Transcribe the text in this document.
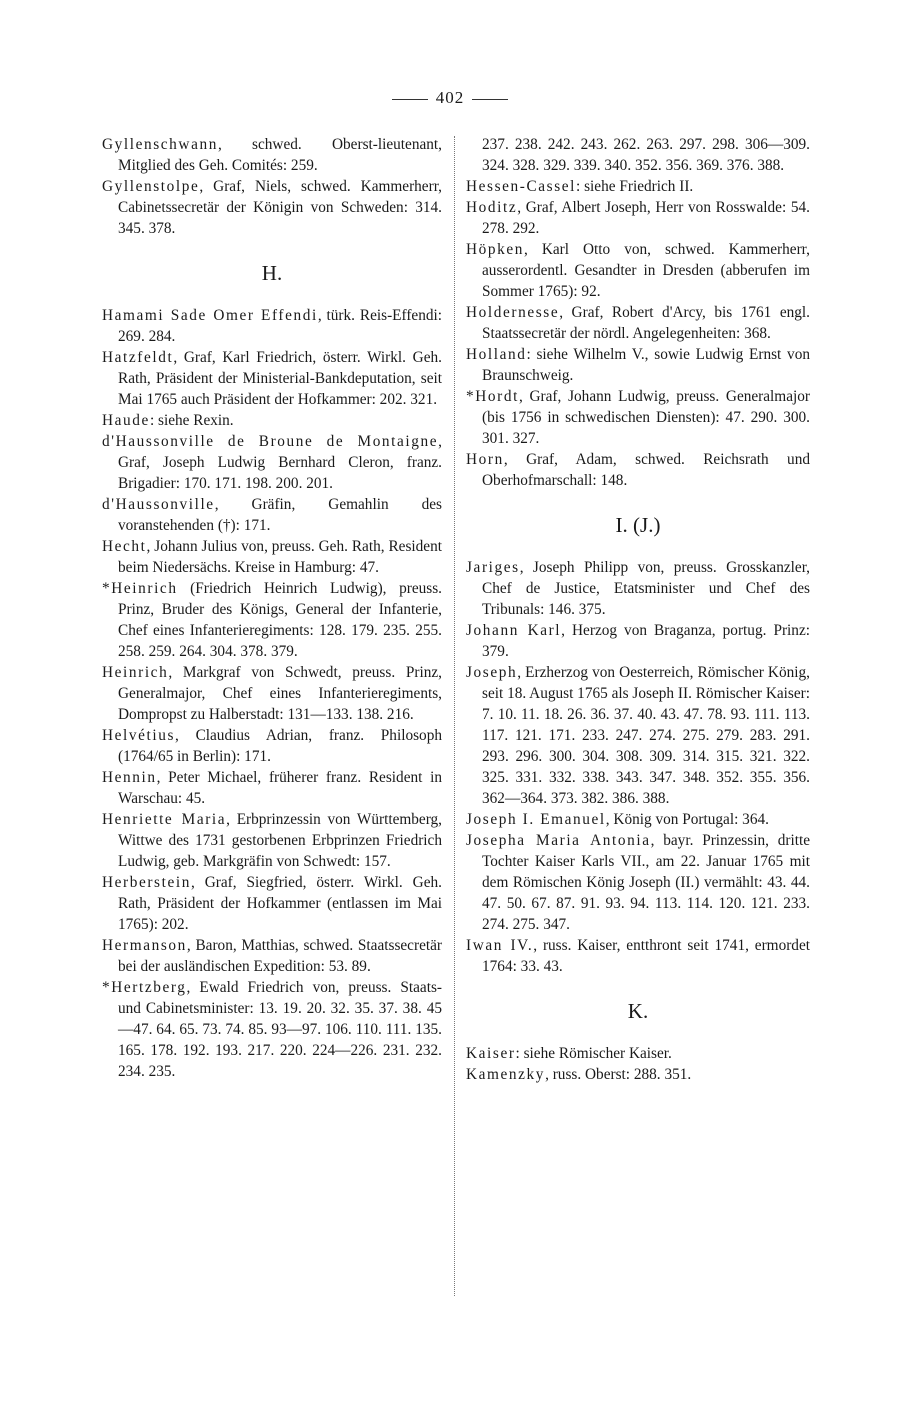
402

Gyllenschwann, schwed. Oberst-lieutenant, Mitglied des Geh. Comités: 259.

Gyllenstolpe, Graf, Niels, schwed. Kammerherr, Cabinetssecretär der Königin von Schweden: 314. 345. 378.

H.

Hamami Sade Omer Effendi, türk. Reis-Effendi: 269. 284.

Hatzfeldt, Graf, Karl Friedrich, österr. Wirkl. Geh. Rath, Präsident der Ministerial-Bankdeputation, seit Mai 1765 auch Präsident der Hofkammer: 202. 321.

Haude: siehe Rexin.

d'Haussonville de Broune de Montaigne, Graf, Joseph Ludwig Bernhard Cleron, franz. Brigadier: 170. 171. 198. 200. 201.

d'Haussonville, Gräfin, Gemahlin des voranstehenden (†): 171.

Hecht, Johann Julius von, preuss. Geh. Rath, Resident beim Niedersächs. Kreise in Hamburg: 47.

*Heinrich (Friedrich Heinrich Ludwig), preuss. Prinz, Bruder des Königs, General der Infanterie, Chef eines Infanterieregiments: 128. 179. 235. 255. 258. 259. 264. 304. 378. 379.

Heinrich, Markgraf von Schwedt, preuss. Prinz, Generalmajor, Chef eines Infanterieregiments, Dompropst zu Halberstadt: 131—133. 138. 216.

Helvétius, Claudius Adrian, franz. Philosoph (1764/65 in Berlin): 171.

Hennin, Peter Michael, früherer franz. Resident in Warschau: 45.

Henriette Maria, Erbprinzessin von Württemberg, Wittwe des 1731 gestorbenen Erbprinzen Friedrich Ludwig, geb. Markgräfin von Schwedt: 157.

Herberstein, Graf, Siegfried, österr. Wirkl. Geh. Rath, Präsident der Hofkammer (entlassen im Mai 1765): 202.

Hermanson, Baron, Matthias, schwed. Staatssecretär bei der ausländischen Expedition: 53. 89.

*Hertzberg, Ewald Friedrich von, preuss. Staats- und Cabinetsminister: 13. 19. 20. 32. 35. 37. 38. 45—47. 64. 65. 73. 74. 85. 93—97. 106. 110. 111. 135. 165. 178. 192. 193. 217. 220. 224—226. 231. 232. 234. 235.

237. 238. 242. 243. 262. 263. 297. 298. 306—309. 324. 328. 329. 339. 340. 352. 356. 369. 376. 388.

Hessen-Cassel: siehe Friedrich II.

Hoditz, Graf, Albert Joseph, Herr von Rosswalde: 54. 278. 292.

Höpken, Karl Otto von, schwed. Kammerherr, ausserordentl. Gesandter in Dresden (abberufen im Sommer 1765): 92.

Holdernesse, Graf, Robert d'Arcy, bis 1761 engl. Staatssecretär der nördl. Angelegenheiten: 368.

Holland: siehe Wilhelm V., sowie Ludwig Ernst von Braunschweig.

*Hordt, Graf, Johann Ludwig, preuss. Generalmajor (bis 1756 in schwedischen Diensten): 47. 290. 300. 301. 327.

Horn, Graf, Adam, schwed. Reichsrath und Oberhofmarschall: 148.

I. (J.)

Jariges, Joseph Philipp von, preuss. Grosskanzler, Chef de Justice, Etatsminister und Chef des Tribunals: 146. 375.

Johann Karl, Herzog von Braganza, portug. Prinz: 379.

Joseph, Erzherzog von Oesterreich, Römischer König, seit 18. August 1765 als Joseph II. Römischer Kaiser: 7. 10. 11. 18. 26. 36. 37. 40. 43. 47. 78. 93. 111. 113. 117. 121. 171. 233. 247. 274. 275. 279. 283. 291. 293. 296. 300. 304. 308. 309. 314. 315. 321. 322. 325. 331. 332. 338. 343. 347. 348. 352. 355. 356. 362—364. 373. 382. 386. 388.

Joseph I. Emanuel, König von Portugal: 364.

Josepha Maria Antonia, bayr. Prinzessin, dritte Tochter Kaiser Karls VII., am 22. Januar 1765 mit dem Römischen König Joseph (II.) vermählt: 43. 44. 47. 50. 67. 87. 91. 93. 94. 113. 114. 120. 121. 233. 274. 275. 347.

Iwan IV., russ. Kaiser, entthront seit 1741, ermordet 1764: 33. 43.

K.

Kaiser: siehe Römischer Kaiser.

Kamenzky, russ. Oberst: 288. 351.
